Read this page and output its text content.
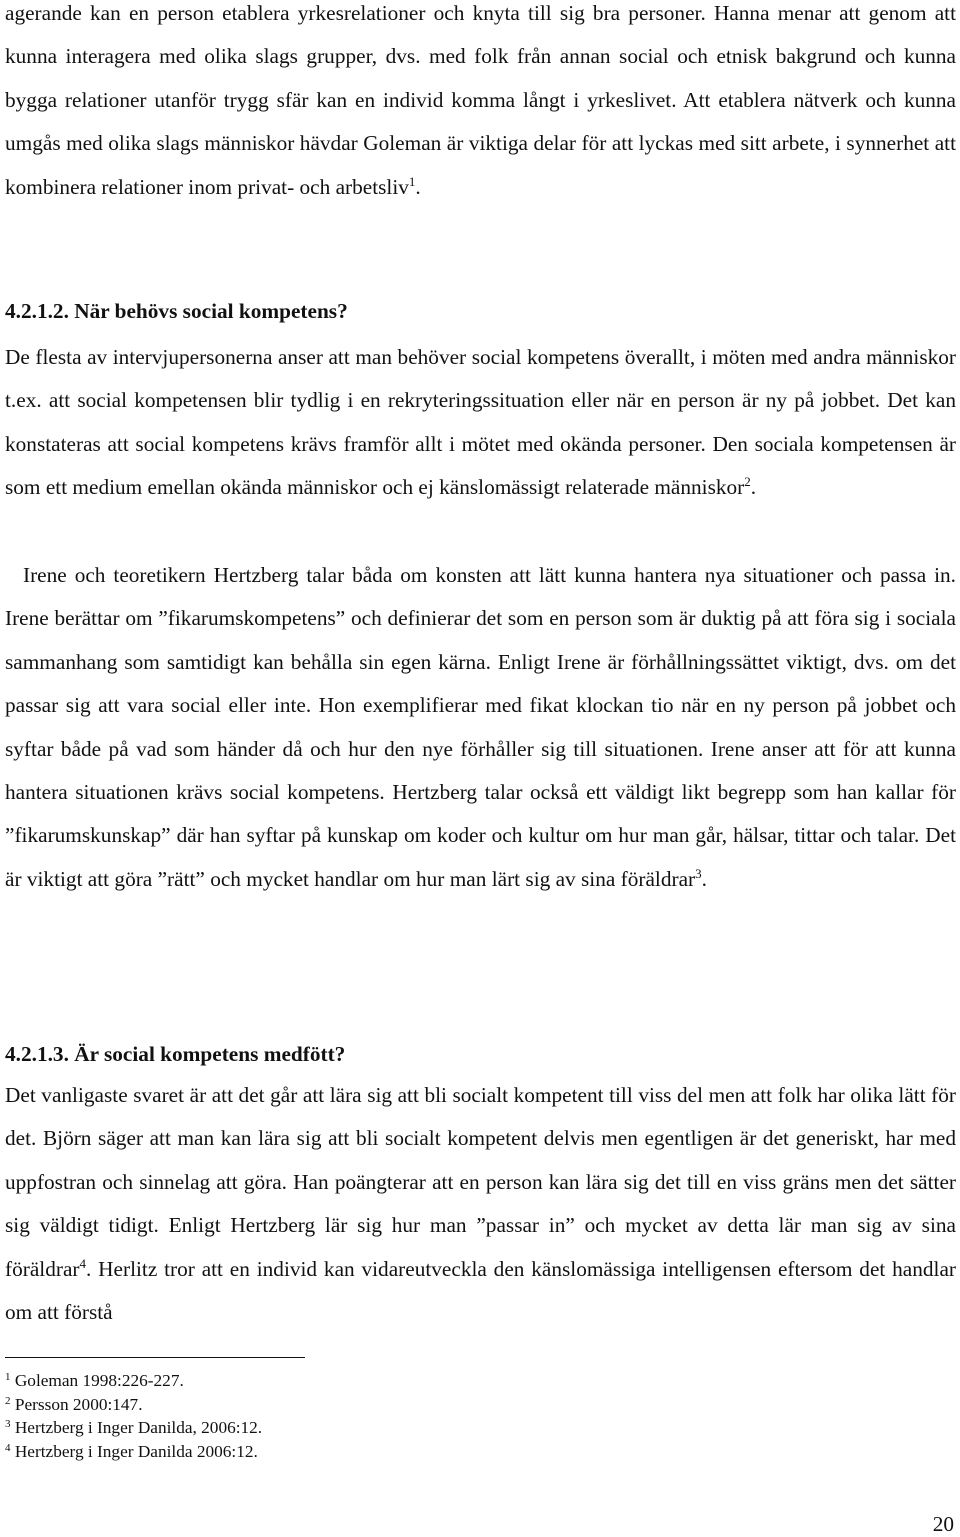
agerande kan en person etablera yrkesrelationer och knyta till sig bra personer. Hanna menar att genom att kunna interagera med olika slags grupper, dvs. med folk från annan social och etnisk bakgrund och kunna bygga relationer utanför trygg sfär kan en individ komma långt i yrkeslivet. Att etablera nätverk och kunna umgås med olika slags människor hävdar Goleman är viktiga delar för att lyckas med sitt arbete, i synnerhet att kombinera relationer inom privat- och arbetsliv$^1$.

4.2.1.2. När behövs social kompetens?

De flesta av intervjupersonerna anser att man behöver social kompetens överallt, i möten med andra människor t.ex. att social kompetensen blir tydlig i en rekryteringssituation eller när en person är ny på jobbet. Det kan konstateras att social kompetens krävs framför allt i mötet med okända personer. Den sociala kompetensen är som ett medium emellan okända människor och ej känslomässigt relaterade människor$^2$.

Irene och teoretikern Hertzberg talar båda om konsten att lätt kunna hantera nya situationer och passa in. Irene berättar om ”fikarumskompetens” och definierar det som en person som är duktig på att föra sig i sociala sammanhang som samtidigt kan behålla sin egen kärna. Enligt Irene är förhållningssättet viktigt, dvs. om det passar sig att vara social eller inte. Hon exemplifierar med fikat klockan tio när en ny person på jobbet och syftar både på vad som händer då och hur den nye förhåller sig till situationen. Irene anser att för att kunna hantera situationen krävs social kompetens. Hertzberg talar också ett väldigt likt begrepp som han kallar för ”fikarumskunskap” där han syftar på kunskap om koder och kultur om hur man går, hälsar, tittar och talar. Det är viktigt att göra ”rätt” och mycket handlar om hur man lärt sig av sina föräldrar$^3$.

4.2.1.3. Är social kompetens medfött?

Det vanligaste svaret är att det går att lära sig att bli socialt kompetent till viss del men att folk har olika lätt för det. Björn säger att man kan lära sig att bli socialt kompetent delvis men egentligen är det generiskt, har med uppfostran och sinnelag att göra. Han poängterar att en person kan lära sig det till en viss gräns men det sätter sig väldigt tidigt. Enligt Hertzberg lär sig hur man ”passar in” och mycket av detta lär man sig av sina föräldrar$^4$. Herlitz tror att en individ kan vidareutveckla den känslomässiga intelligensen eftersom det handlar om att förstå

$^1$ Goleman 1998:226-227.
$^2$ Persson 2000:147.
$^3$ Hertzberg i Inger Danilda, 2006:12.
$^4$ Hertzberg i Inger Danilda 2006:12.
20
